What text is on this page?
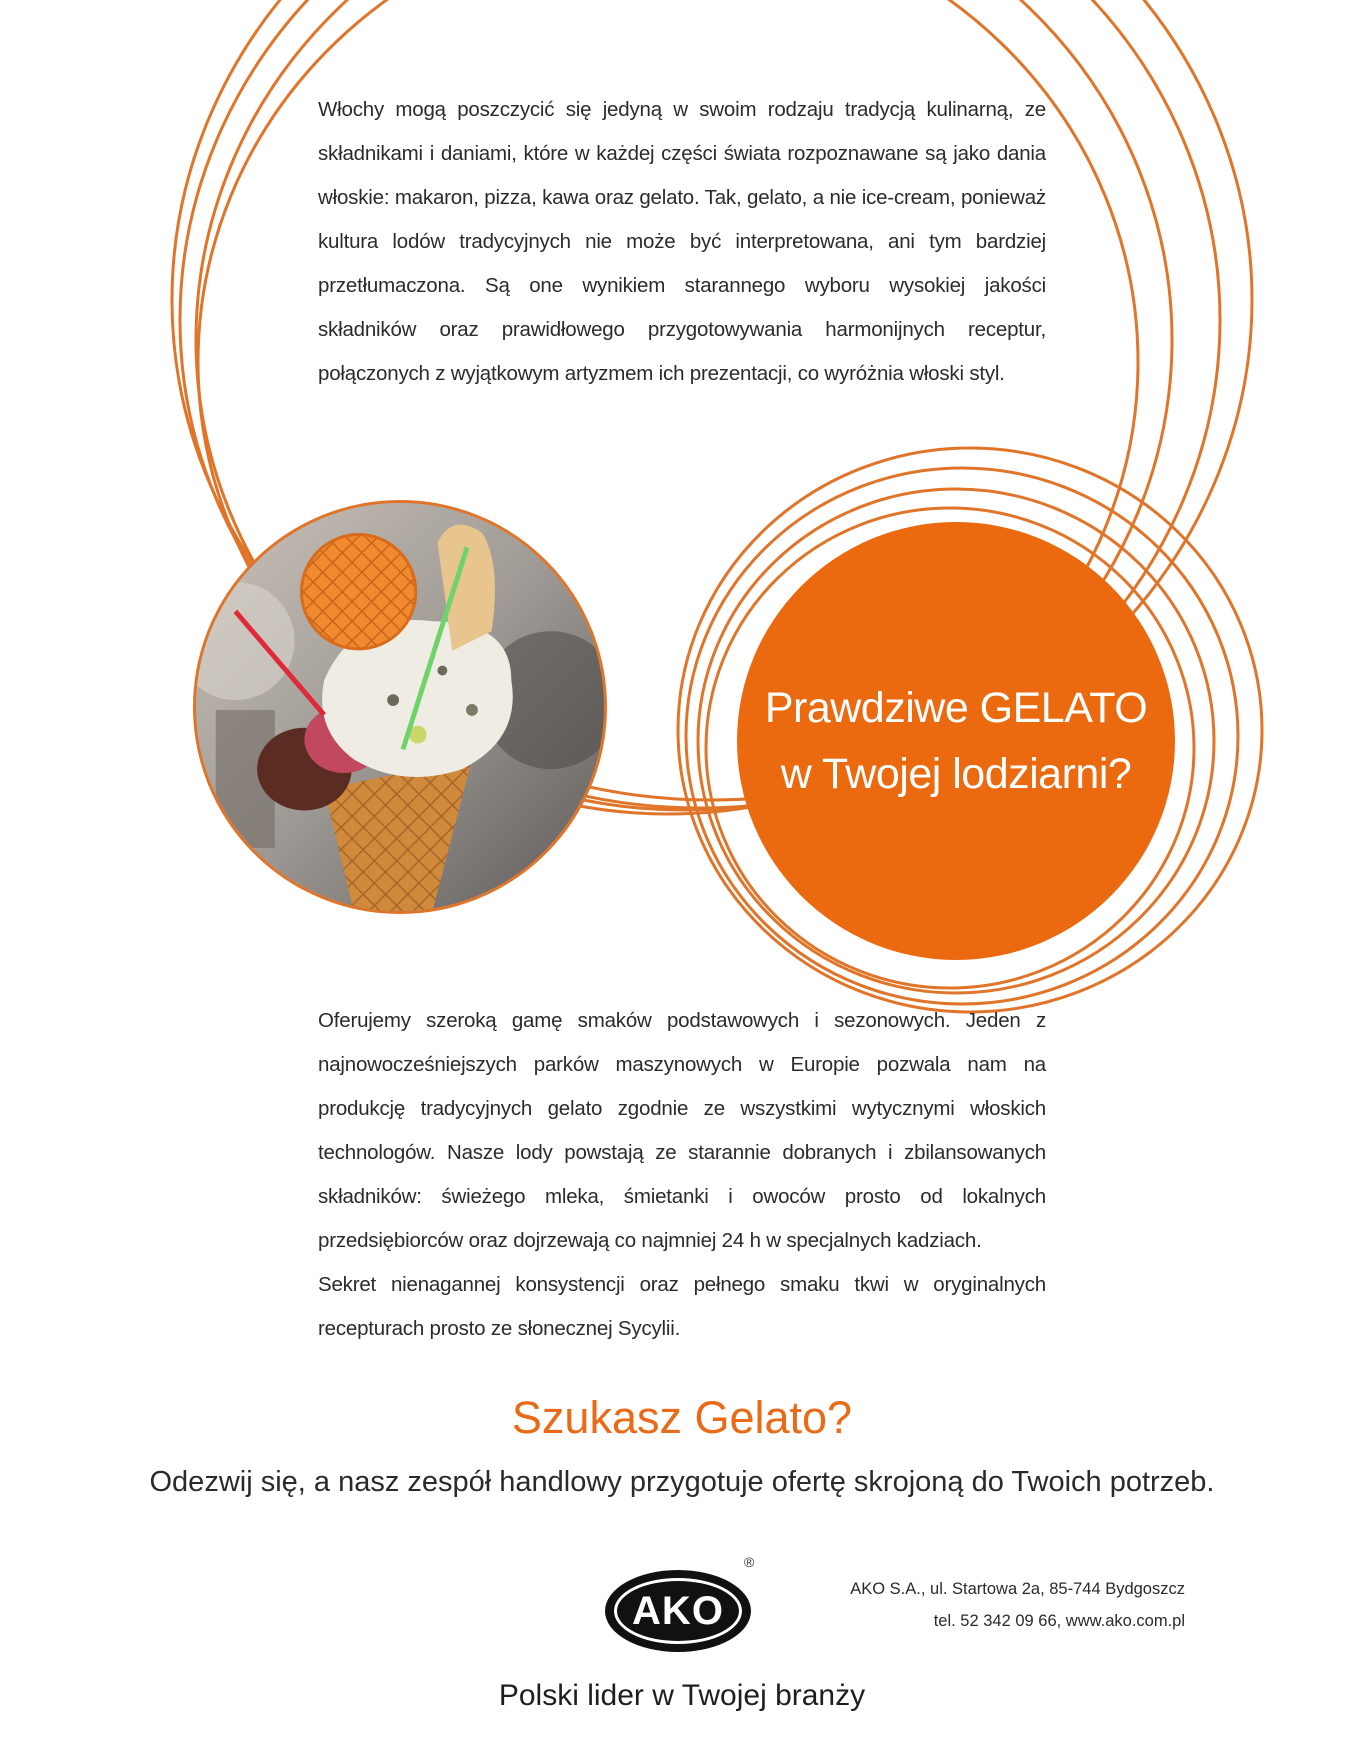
Włochy mogą poszczycić się jedyną w swoim rodzaju tradycją kulinarną, ze składnikami i daniami, które w każdej części świata rozpoznawane są jako dania włoskie: makaron, pizza, kawa oraz gelato. Tak, gelato, a nie ice-cream, ponieważ kultura lodów tradycyjnych nie może być interpretowana, ani tym bardziej przetłumaczona. Są one wynikiem starannego wyboru wysokiej jakości składników oraz prawidłowego przygotowywania harmonijnych receptur, połączonych z wyjątkowym artyzmem ich prezentacji, co wyróżnia włoski styl.

Prawdziwe GELATO
w Twojej lodziarni?

Oferujemy szeroką gamę smaków podstawowych i sezonowych. Jeden z najnowocześniejszych parków maszynowych w Europie pozwala nam na produkcję tradycyjnych gelato zgodnie ze wszystkimi wytycznymi włoskich technologów. Nasze lody powstają ze starannie dobranych i zbilansowanych składników: świeżego mleka, śmietanki i owoców prosto od lokalnych przedsiębiorców oraz dojrzewają co najmniej 24 h w specjalnych kadziach.

Sekret nienagannej konsystencji oraz pełnego smaku tkwi w oryginalnych recepturach prosto ze słonecznej Sycylii.

Szukasz Gelato?

Odezwij się, a nasz zespół handlowy przygotuje ofertę skrojoną do Twoich potrzeb.

AKO
®
AKO S.A., ul. Startowa 2a, 85-744 Bydgoszcz
tel. 52 342 09 66, www.ako.com.pl

Polski lider w Twojej branży
